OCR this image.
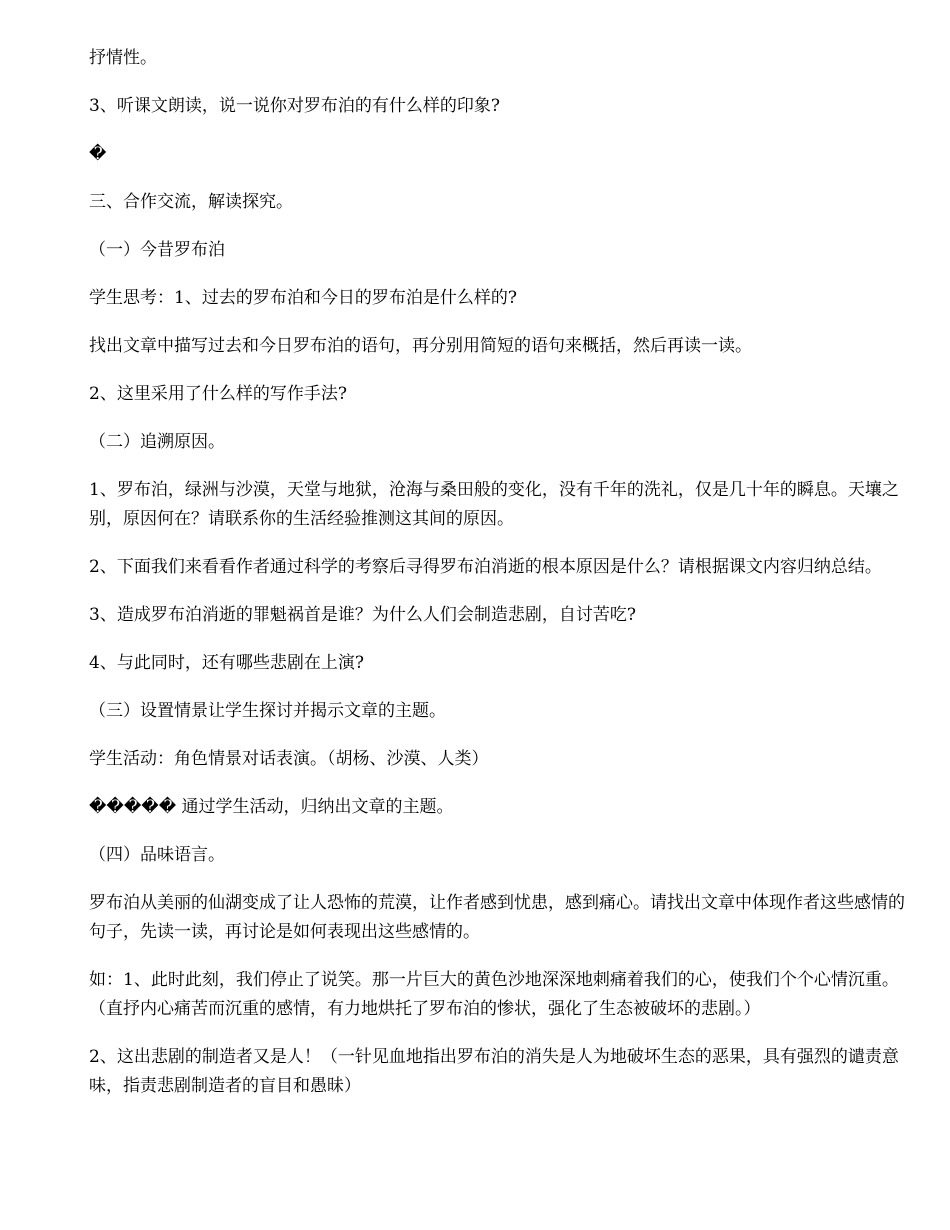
抒情性。

3、听课文朗读，说一说你对罗布泊的有什么样的印象?

�

三、合作交流，解读探究。

（一）今昔罗布泊

学生思考：1、过去的罗布泊和今日的罗布泊是什么样的?

找出文章中描写过去和今日罗布泊的语句，再分别用简短的语句来概括，然后再读一读。

2、这里采用了什么样的写作手法?

（二）追溯原因。

1、罗布泊，绿洲与沙漠，天堂与地狱，沧海与桑田般的变化，没有千年的洗礼，仅是几十年的瞬息。天壤之别，原因何在？请联系你的生活经验推测这其间的原因。

2、下面我们来看看作者通过科学的考察后寻得罗布泊消逝的根本原因是什么？请根据课文内容归纳总结。

3、造成罗布泊消逝的罪魁祸首是谁？为什么人们会制造悲剧，自讨苦吃?

4、与此同时，还有哪些悲剧在上演?

（三）设置情景让学生探讨并揭示文章的主题。

学生活动：角色情景对话表演。（胡杨、沙漠、人类）

����� 通过学生活动，归纳出文章的主题。

（四）品味语言。

罗布泊从美丽的仙湖变成了让人恐怖的荒漠，让作者感到忧患，感到痛心。请找出文章中体现作者这些感情的句子，先读一读，再讨论是如何表现出这些感情的。

如：1、此时此刻，我们停止了说笑。那一片巨大的黄色沙地深深地刺痛着我们的心，使我们个个心情沉重。（直抒内心痛苦而沉重的感情，有力地烘托了罗布泊的惨状，强化了生态被破坏的悲剧。）

2、这出悲剧的制造者又是人！（一针见血地指出罗布泊的消失是人为地破坏生态的恶果，具有强烈的谴责意味，指责悲剧制造者的盲目和愚昧）
